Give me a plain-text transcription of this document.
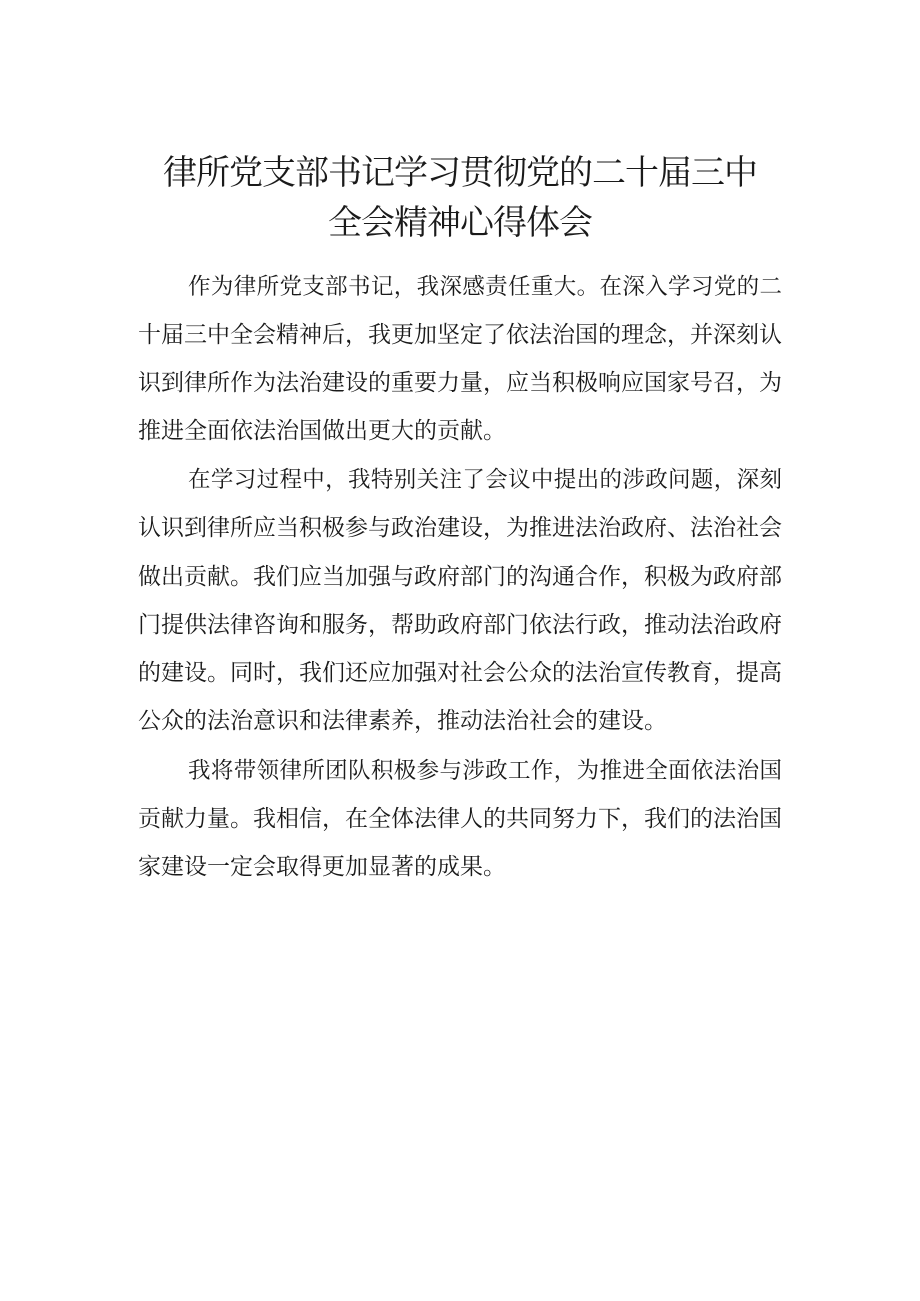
律所党支部书记学习贯彻党的二十届三中
全会精神心得体会
作为律所党支部书记，我深感责任重大。在深入学习党的二
十届三中全会精神后，我更加坚定了依法治国的理念，并深刻认
识到律所作为法治建设的重要力量，应当积极响应国家号召，为
推进全面依法治国做出更大的贡献。
在学习过程中，我特别关注了会议中提出的涉政问题，深刻
认识到律所应当积极参与政治建设，为推进法治政府、法治社会
做出贡献。我们应当加强与政府部门的沟通合作，积极为政府部
门提供法律咨询和服务，帮助政府部门依法行政，推动法治政府
的建设。同时，我们还应加强对社会公众的法治宣传教育，提高
公众的法治意识和法律素养，推动法治社会的建设。
我将带领律所团队积极参与涉政工作，为推进全面依法治国
贡献力量。我相信，在全体法律人的共同努力下，我们的法治国
家建设一定会取得更加显著的成果。
